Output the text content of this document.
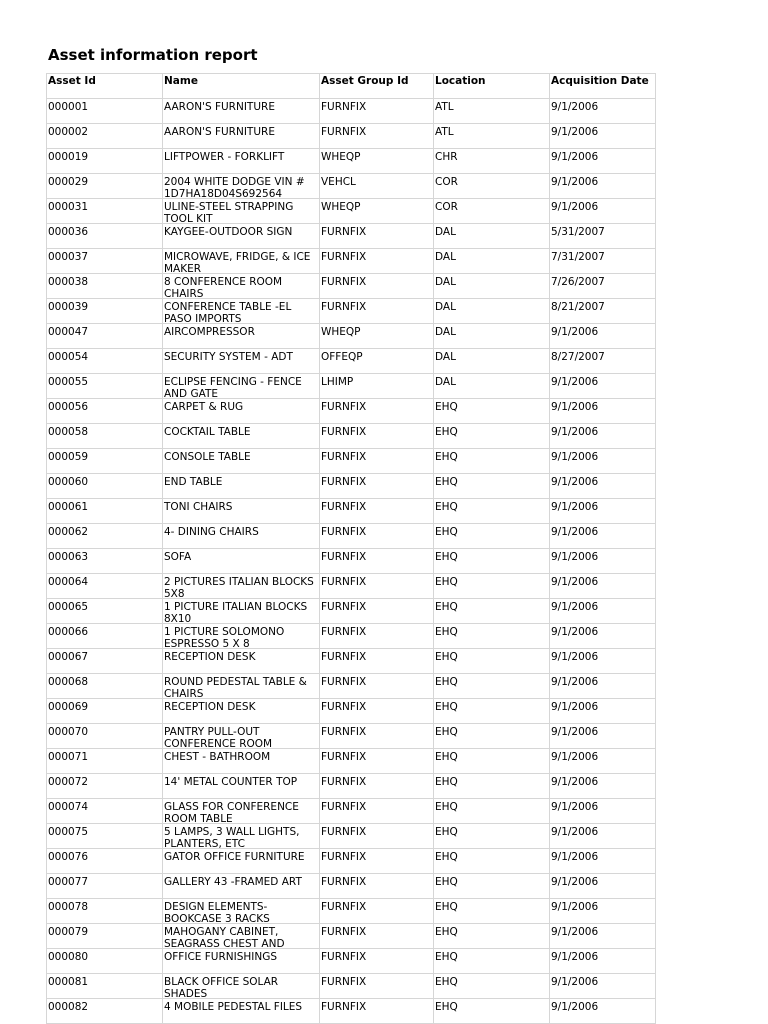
Asset information report
Asset Id	Name	Asset Group Id	Location	Acquisition Date

000001	AARON'S FURNITURE	FURNFIX	ATL	9/1/2006

000002	AARON'S FURNITURE	FURNFIX	ATL	9/1/2006

000019	LIFTPOWER - FORKLIFT	WHEQP	CHR	9/1/2006

000029	2004 WHITE DODGE VIN # 1D7HA18D04S692564	VEHCL	COR	9/1/2006

000031	ULINE-STEEL STRAPPING TOOL KIT	WHEQP	COR	9/1/2006

000036	KAYGEE-OUTDOOR SIGN	FURNFIX	DAL	5/31/2007

000037	MICROWAVE, FRIDGE, & ICE MAKER	FURNFIX	DAL	7/31/2007

000038	8 CONFERENCE ROOM CHAIRS	FURNFIX	DAL	7/26/2007

000039	CONFERENCE TABLE -EL PASO IMPORTS	FURNFIX	DAL	8/21/2007

000047	AIRCOMPRESSOR	WHEQP	DAL	9/1/2006

000054	SECURITY SYSTEM - ADT	OFFEQP	DAL	8/27/2007

000055	ECLIPSE FENCING - FENCE AND GATE	LHIMP	DAL	9/1/2006

000056	CARPET & RUG	FURNFIX	EHQ	9/1/2006

000058	COCKTAIL TABLE	FURNFIX	EHQ	9/1/2006

000059	CONSOLE TABLE	FURNFIX	EHQ	9/1/2006

000060	END TABLE	FURNFIX	EHQ	9/1/2006

000061	TONI CHAIRS	FURNFIX	EHQ	9/1/2006

000062	4- DINING CHAIRS	FURNFIX	EHQ	9/1/2006

000063	SOFA	FURNFIX	EHQ	9/1/2006

000064	2 PICTURES ITALIAN BLOCKS 5X8	FURNFIX	EHQ	9/1/2006

000065	1 PICTURE ITALIAN BLOCKS 8X10	FURNFIX	EHQ	9/1/2006

000066	1 PICTURE SOLOMONO ESPRESSO 5 X 8	FURNFIX	EHQ	9/1/2006

000067	RECEPTION DESK	FURNFIX	EHQ	9/1/2006

000068	ROUND PEDESTAL TABLE & CHAIRS	FURNFIX	EHQ	9/1/2006

000069	RECEPTION DESK	FURNFIX	EHQ	9/1/2006

000070	PANTRY PULL-OUT CONFERENCE ROOM	FURNFIX	EHQ	9/1/2006

000071	CHEST - BATHROOM	FURNFIX	EHQ	9/1/2006

000072	14' METAL COUNTER TOP	FURNFIX	EHQ	9/1/2006

000074	GLASS FOR CONFERENCE ROOM TABLE	FURNFIX	EHQ	9/1/2006

000075	5 LAMPS, 3 WALL LIGHTS, PLANTERS, ETC	FURNFIX	EHQ	9/1/2006

000076	GATOR OFFICE FURNITURE	FURNFIX	EHQ	9/1/2006

000077	GALLERY 43 -FRAMED ART	FURNFIX	EHQ	9/1/2006

000078	DESIGN ELEMENTS- BOOKCASE 3 RACKS	FURNFIX	EHQ	9/1/2006

000079	MAHOGANY CABINET, SEAGRASS CHEST AND	FURNFIX	EHQ	9/1/2006

000080	OFFICE FURNISHINGS	FURNFIX	EHQ	9/1/2006

000081	BLACK OFFICE SOLAR SHADES	FURNFIX	EHQ	9/1/2006

000082	4 MOBILE PEDESTAL FILES	FURNFIX	EHQ	9/1/2006
